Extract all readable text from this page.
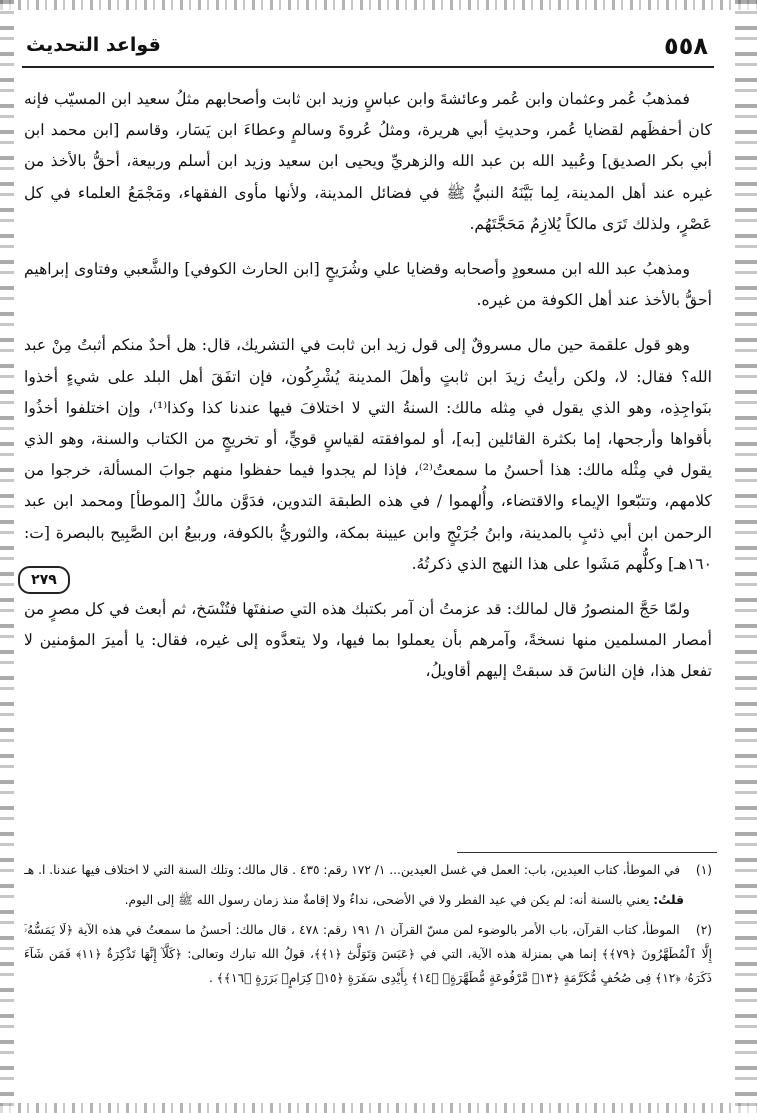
٥٥٨
قواعد التحديث

فمذهبُ عُمر وعثمان وابن عُمر وعائشةَ وابن عباسٍ وزيد ابن ثابت وأصحابهم مثلُ سعيد ابن المسيّب فإنه كان أحفظَهم لقضايا عُمر، وحديثِ أبي هريرة، ومثلُ عُروةَ وسالمٍ وعطاءَ ابن يَسَار، وقاسم [ابن محمد ابن أبي بكر الصديق] وعُبيد الله بن عبد الله والزهريِّ ويحيى ابن سعيد وزيد ابن أسلم وربيعة، أحقُّ بالأخذ من غيره عند أهل المدينة، لِما بَيَّنَهُ النبيُّ ﷺ في فضائل المدينة، ولأنها مأوى الفقهاء، ومَجْمَعُ العلماء في كل عَصْرٍ، ولذلك تَرَى مالكاً يُلازِمُ مَحَجَّتَهُم.

ومذهبُ عبد الله ابن مسعودٍ وأصحابه وقضايا علي وشُرَيحٍ [ابن الحارث الكوفي] والشَّعبي وفتاوى إبراهيم أحقُّ بالأخذ عند أهل الكوفة من غيره.

وهو قول علقمة حين مال مسروقٌ إلى قول زيد ابن ثابت في التشريك، قال: هل أحدٌ منكم أثبتُ مِنْ عبد الله؟ فقال: لا، ولكن رأيتُ زيدَ ابن ثابتٍ وأهلَ المدينة يُشْرِكُون، فإن اتفَقَ أهل البلد على شيءٍ أخذوا بنَواجِذِه، وهو الذي يقول في مِثله مالك: السنةُ التي لا اختلافَ فيها عندنا كذا وكذا⁽¹⁾، وإن اختلفوا أخذُوا بأقواها وأرجحها، إما بكثرة القائلين [به]، أو لموافقته لقياسٍ قويٍّ، أو تخريجٍ من الكتاب والسنة، وهو الذي يقول في مِثْله مالك: هذا أحسنُ ما سمعتُ⁽²⁾، فإذا لم يجدوا فيما حفظوا منهم جوابَ المسألة، خرجوا من كلامهم، وتتبّعوا الإيماء والاقتضاء، وأُلهموا / في هذه الطبقة التدوين، فدَوَّن مالكٌ [الموطأ] ومحمد ابن عبد الرحمن ابن أبي ذئبٍ بالمدينة، وابنُ جُرَيْجٍ وابن عيينة بمكة، والثوريُّ بالكوفة، وربيعُ ابن الصَّبِيح بالبصرة [ت: ١٦٠هـ] وكلُّهم مَشَوا على هذا النهج الذي ذكرتُهُ.

ولمّا حَجَّ المنصورُ قال لمالك: قد عزمتُ أن آمر بكتبك هذه التي صنفتَها فتُنْسَخ، ثم أبعث في كل مصرٍ من أمصار المسلمين منها نسخةً، وآمرهم بأن يعملوا بما فيها، ولا يتعدَّوه إلى غيره، فقال: يا أميرَ المؤمنين لا تفعل هذا، فإن الناسَ قد سبقتْ إليهم أقاويلُ،

٢٧٩

(١) في الموطأ، كتاب العيدين، باب: العمل في غسل العيدين... ١/ ١٧٢ رقم: ٤٣٥ . قال مالك: وتلك السنة التي لا اختلاف فيها عندنا. ا. هـ

قلتُ: يعني بالسنة أنه: لم يكن في عيد الفطر ولا في الأضحى، نداءٌ ولا إقامةٌ منذ زمان رسول الله ﷺ إلى اليوم.

(٢) الموطأ، كتاب القرآن، باب الأمر بالوضوء لمن مسّ القرآن ١/ ١٩١ رقم: ٤٧٨ ، قال مالك: أحسنُ ما سمعتُ في هذه الآية ﴿لَا يَمَسُّهُۥٓ إِلَّا ٱلْمُطَهَّرُونَ ﴿٧٩﴾﴾ إنما هي بمنزلة هذه الآية، التي في ﴿عَبَسَ وَتَوَلَّىٰٓ ﴿١﴾﴾، قولُ الله تبارك وتعالى: ﴿كَلَّآ إِنَّهَا تَذْكِرَةٌ ﴿١١﴾ فَمَن شَآءَ ذَكَرَهُۥ ﴿١٢﴾ فِى صُحُفٍ مُّكَرَّمَةٍ ﴿١٣﴾ مَّرْفُوعَةٍ مُّطَهَّرَةٍۭ ﴿١٤﴾ بِأَيْدِى سَفَرَةٍ ﴿١٥﴾ كِرَامٍۭ بَرَرَةٍ ﴿١٦﴾﴾ .
